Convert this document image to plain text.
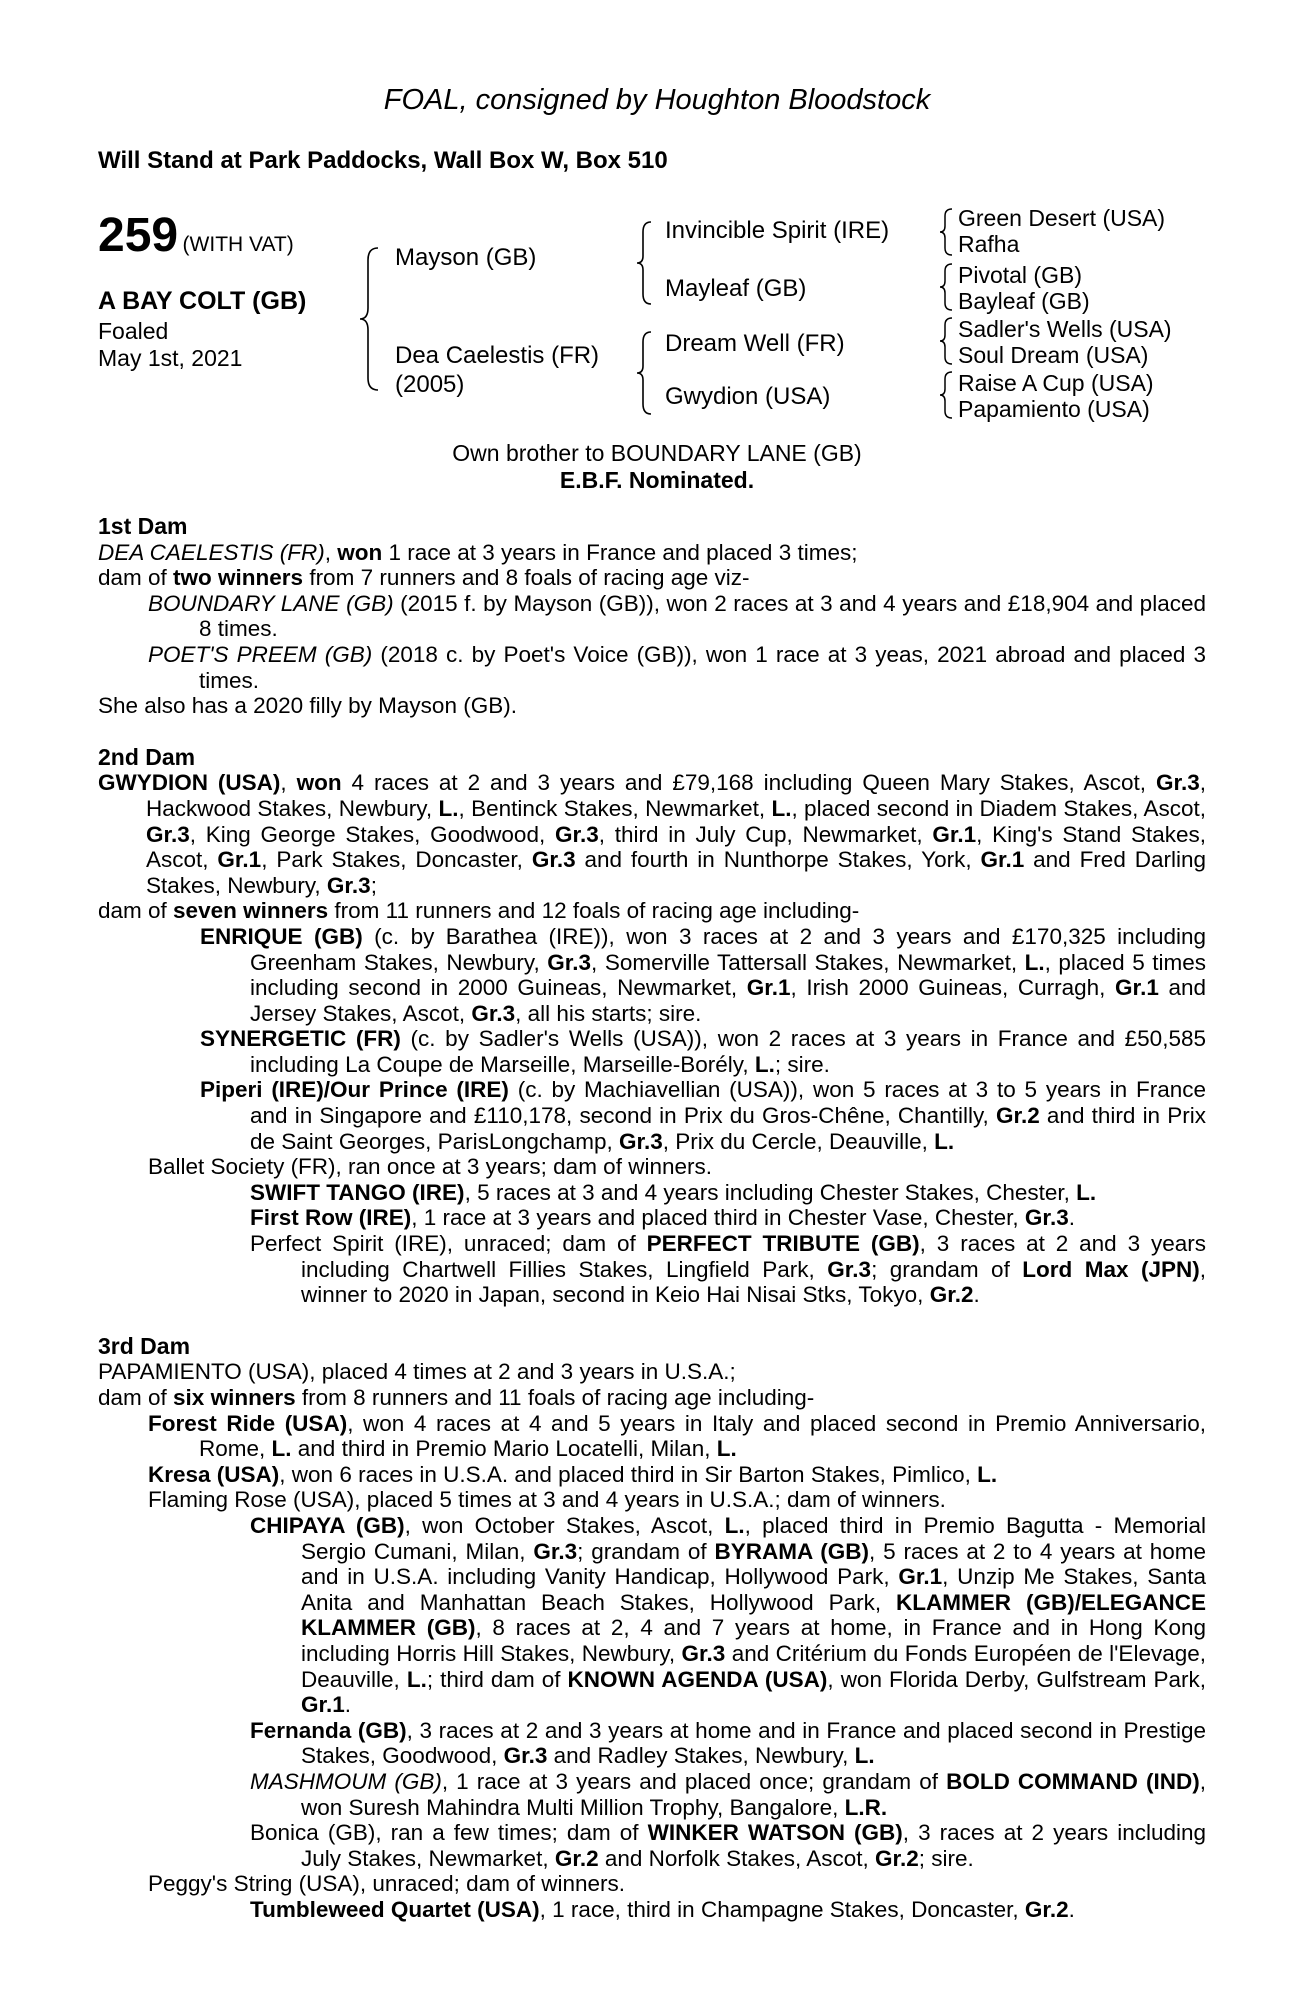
FOAL, consigned by Houghton Bloodstock
Will Stand at Park Paddocks, Wall Box W, Box 510
259 (WITH VAT)
A BAY COLT (GB)
Foaled
May 1st, 2021
Mayson (GB)
Dea Caelestis (FR)
(2005)
Invincible Spirit (IRE)
Mayleaf (GB)
Dream Well (FR)
Gwydion (USA)
Green Desert (USA)
Rafha
Pivotal (GB)
Bayleaf (GB)
Sadler's Wells (USA)
Soul Dream (USA)
Raise A Cup (USA)
Papamiento (USA)
Own brother to BOUNDARY LANE (GB)
E.B.F. Nominated.
1st Dam

DEA CAELESTIS (FR), won 1 race at 3 years in France and placed 3 times;

dam of two winners from 7 runners and 8 foals of racing age viz-

BOUNDARY LANE (GB) (2015 f. by Mayson (GB)), won 2 races at 3 and 4 years and £18,904 and placed 8 times.

POET'S PREEM (GB) (2018 c. by Poet's Voice (GB)), won 1 race at 3 yeas, 2021 abroad and placed 3 times.

She also has a 2020 filly by Mayson (GB).

2nd Dam

GWYDION (USA), won 4 races at 2 and 3 years and £79,168 including Queen Mary Stakes, Ascot, Gr.3, Hackwood Stakes, Newbury, L., Bentinck Stakes, Newmarket, L., placed second in Diadem Stakes, Ascot, Gr.3, King George Stakes, Goodwood, Gr.3, third in July Cup, Newmarket, Gr.1, King's Stand Stakes, Ascot, Gr.1, Park Stakes, Doncaster, Gr.3 and fourth in Nunthorpe Stakes, York, Gr.1 and Fred Darling Stakes, Newbury, Gr.3;

dam of seven winners from 11 runners and 12 foals of racing age including-

ENRIQUE (GB) (c. by Barathea (IRE)), won 3 races at 2 and 3 years and £170,325 including Greenham Stakes, Newbury, Gr.3, Somerville Tattersall Stakes, Newmarket, L., placed 5 times including second in 2000 Guineas, Newmarket, Gr.1, Irish 2000 Guineas, Curragh, Gr.1 and Jersey Stakes, Ascot, Gr.3, all his starts; sire.

SYNERGETIC (FR) (c. by Sadler's Wells (USA)), won 2 races at 3 years in France and £50,585 including La Coupe de Marseille, Marseille-Borély, L.; sire.

Piperi (IRE)/Our Prince (IRE) (c. by Machiavellian (USA)), won 5 races at 3 to 5 years in France and in Singapore and £110,178, second in Prix du Gros-Chêne, Chantilly, Gr.2 and third in Prix de Saint Georges, ParisLongchamp, Gr.3, Prix du Cercle, Deauville, L.

Ballet Society (FR), ran once at 3 years; dam of winners.

SWIFT TANGO (IRE), 5 races at 3 and 4 years including Chester Stakes, Chester, L.

First Row (IRE), 1 race at 3 years and placed third in Chester Vase, Chester, Gr.3.

Perfect Spirit (IRE), unraced; dam of PERFECT TRIBUTE (GB), 3 races at 2 and 3 years including Chartwell Fillies Stakes, Lingfield Park, Gr.3; grandam of Lord Max (JPN), winner to 2020 in Japan, second in Keio Hai Nisai Stks, Tokyo, Gr.2.

3rd Dam

PAPAMIENTO (USA), placed 4 times at 2 and 3 years in U.S.A.;

dam of six winners from 8 runners and 11 foals of racing age including-

Forest Ride (USA), won 4 races at 4 and 5 years in Italy and placed second in Premio Anniversario, Rome, L. and third in Premio Mario Locatelli, Milan, L.

Kresa (USA), won 6 races in U.S.A. and placed third in Sir Barton Stakes, Pimlico, L.

Flaming Rose (USA), placed 5 times at 3 and 4 years in U.S.A.; dam of winners.

CHIPAYA (GB), won October Stakes, Ascot, L., placed third in Premio Bagutta - Memorial Sergio Cumani, Milan, Gr.3; grandam of BYRAMA (GB), 5 races at 2 to 4 years at home and in U.S.A. including Vanity Handicap, Hollywood Park, Gr.1, Unzip Me Stakes, Santa Anita and Manhattan Beach Stakes, Hollywood Park, KLAMMER (GB)/ELEGANCE KLAMMER (GB), 8 races at 2, 4 and 7 years at home, in France and in Hong Kong including Horris Hill Stakes, Newbury, Gr.3 and Critérium du Fonds Européen de l'Elevage, Deauville, L.; third dam of KNOWN AGENDA (USA), won Florida Derby, Gulfstream Park, Gr.1.

Fernanda (GB), 3 races at 2 and 3 years at home and in France and placed second in Prestige Stakes, Goodwood, Gr.3 and Radley Stakes, Newbury, L.

MASHMOUM (GB), 1 race at 3 years and placed once; grandam of BOLD COMMAND (IND), won Suresh Mahindra Multi Million Trophy, Bangalore, L.R.

Bonica (GB), ran a few times; dam of WINKER WATSON (GB), 3 races at 2 years including July Stakes, Newmarket, Gr.2 and Norfolk Stakes, Ascot, Gr.2; sire.

Peggy's String (USA), unraced; dam of winners.

Tumbleweed Quartet (USA), 1 race, third in Champagne Stakes, Doncaster, Gr.2.
